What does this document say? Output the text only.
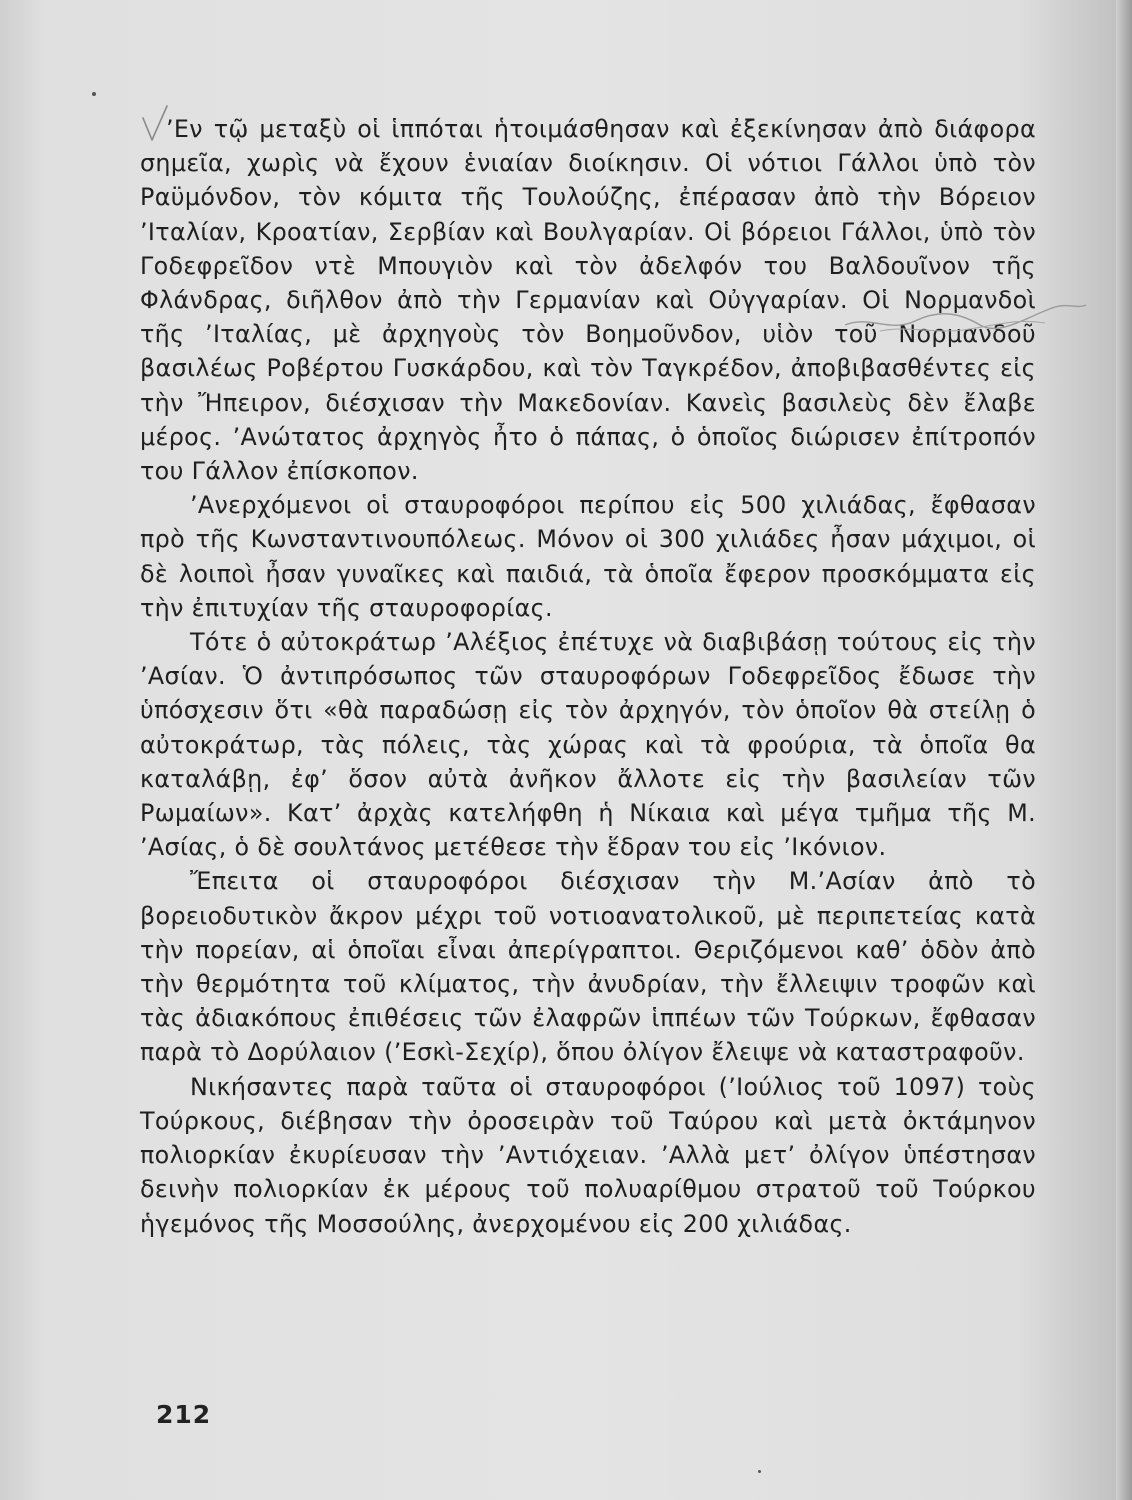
’Εν τῷ μεταξὺ οἱ ἱππόται ἡτοιμάσθησαν καὶ ἐξεκίνησαν ἀπὸ διάφορα σημεῖα, χωρὶς νὰ ἔχουν ἑνιαίαν διοίκησιν. Οἱ νότιοι Γάλλοι ὑπὸ τὸν Ραϋμόνδον, τὸν κόμιτα τῆς Τουλούζης, ἐπέρασαν ἀπὸ τὴν Βόρειον ’Ιταλίαν, Κροατίαν, Σερβίαν καὶ Βουλγαρίαν. Οἱ βόρειοι Γάλλοι, ὑπὸ τὸν Γοδεφρεῖδον ντὲ Μπουγιὸν καὶ τὸν ἀδελφόν του Βαλδουῖνον τῆς Φλάνδρας, διῆλθον ἀπὸ τὴν Γερμανίαν καὶ Οὐγγαρίαν. Οἱ Νορμανδοὶ τῆς ’Ιταλίας, μὲ ἀρχηγοὺς τὸν Βοημοῦνδον, υἱὸν τοῦ Νορμανδοῦ βασιλέως Ροβέρτου Γυσκάρδου, καὶ τὸν Ταγκρέδον, ἀποβιβασθέντες εἰς τὴν Ἤπειρον, διέσχισαν τὴν Μακεδονίαν. Κανεὶς βασιλεὺς δὲν ἔλαβε μέρος. ’Ανώτατος ἀρχηγὸς ἦτο ὁ πάπας, ὁ ὁποῖος διώρισεν ἐπίτροπόν του Γάλλον ἐπίσκοπον.

’Ανερχόμενοι οἱ σταυροφόροι περίπου εἰς 500 χιλιάδας, ἔφθασαν πρὸ τῆς Κωνσταντινουπόλεως. Μόνον οἱ 300 χιλιάδες ἦσαν μάχιμοι, οἱ δὲ λοιποὶ ἦσαν γυναῖκες καὶ παιδιά, τὰ ὁποῖα ἔφερον προσκόμματα εἰς τὴν ἐπιτυχίαν τῆς σταυροφορίας.

Τότε ὁ αὐτοκράτωρ ’Αλέξιος ἐπέτυχε νὰ διαβιβάσῃ τούτους εἰς τὴν ’Ασίαν. Ὁ ἀντιπρόσωπος τῶν σταυροφόρων Γοδεφρεῖδος ἔδωσε τὴν ὑπόσχεσιν ὅτι «θὰ παραδώσῃ εἰς τὸν ἀρχηγόν, τὸν ὁποῖον θὰ στείλῃ ὁ αὐτοκράτωρ, τὰς πόλεις, τὰς χώρας καὶ τὰ φρούρια, τὰ ὁποῖα θα καταλάβῃ, ἐφ’ ὅσον αὐτὰ ἀνῆκον ἄλλοτε εἰς τὴν βασιλείαν τῶν Ρωμαίων». Κατ’ ἀρχὰς κατελήφθη ἡ Νίκαια καὶ μέγα τμῆμα τῆς Μ. ’Ασίας, ὁ δὲ σουλτάνος μετέθεσε τὴν ἕδραν του εἰς ’Ικόνιον.

Ἔπειτα οἱ σταυροφόροι διέσχισαν τὴν Μ.’Ασίαν ἀπὸ τὸ βορειοδυτικὸν ἄκρον μέχρι τοῦ νοτιοανατολικοῦ, μὲ περιπετείας κατὰ τὴν πορείαν, αἱ ὁποῖαι εἶναι ἀπερίγραπτοι. Θεριζόμενοι καθ’ ὁδὸν ἀπὸ τὴν θερμότητα τοῦ κλίματος, τὴν ἀνυδρίαν, τὴν ἔλλειψιν τροφῶν καὶ τὰς ἀδιακόπους ἐπιθέσεις τῶν ἐλαφρῶν ἱππέων τῶν Τούρκων, ἔφθασαν παρὰ τὸ Δορύλαιον (’Εσκὶ-Σεχίρ), ὅπου ὀλίγον ἔλειψε νὰ καταστραφοῦν.

Νικήσαντες παρὰ ταῦτα οἱ σταυροφόροι (’Ιούλιος τοῦ 1097) τοὺς Τούρκους, διέβησαν τὴν ὀροσειρὰν τοῦ Ταύρου καὶ μετὰ ὀκτάμηνον πολιορκίαν ἐκυρίευσαν τὴν ’Αντιόχειαν. ’Αλλὰ μετ’ ὀλίγον ὑπέστησαν δεινὴν πολιορκίαν ἐκ μέρους τοῦ πολυαρίθμου στρατοῦ τοῦ Τούρκου ἡγεμόνος τῆς Μοσσούλης, ἀνερχομένου εἰς 200 χιλιάδας.

212
